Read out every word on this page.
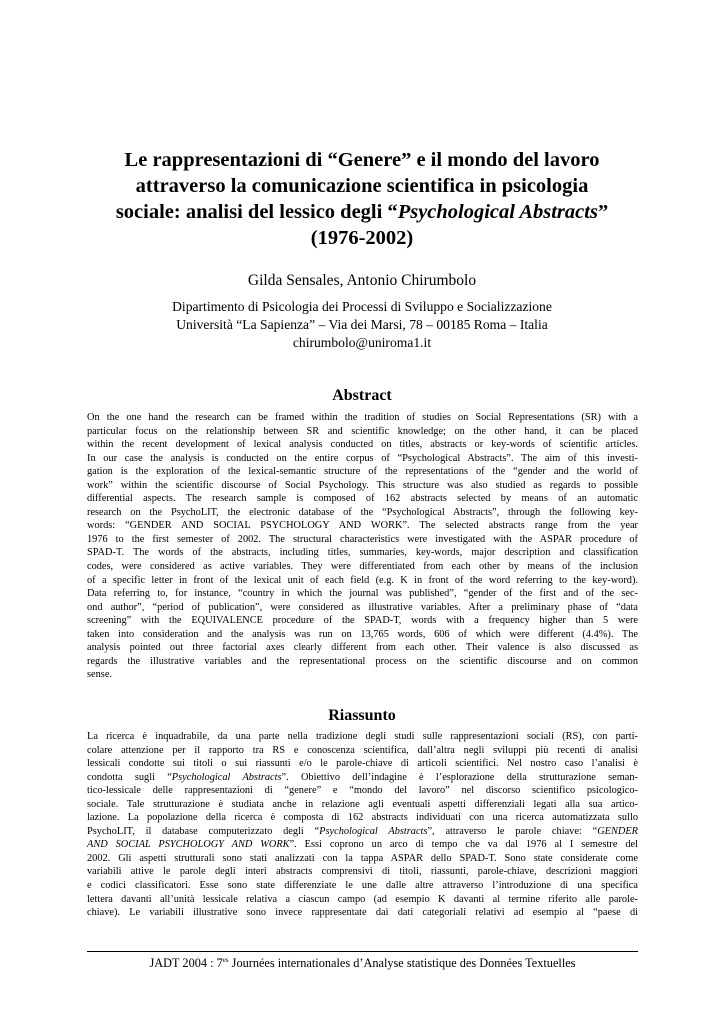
Le rappresentazioni di “Genere” e il mondo del lavoro
attraverso la comunicazione scientifica in psicologia
sociale: analisi del lessico degli “Psychological Abstracts”
(1976-2002)

Gilda Sensales, Antonio Chirumbolo

Dipartimento di Psicologia dei Processi di Sviluppo e Socializzazione
Università “La Sapienza” – Via dei Marsi, 78 – 00185 Roma – Italia
chirumbolo@uniroma1.it
Abstract
On the one hand the research can be framed within the tradition of studies on Social Representations (SR) with a
particular focus on the relationship between SR and scientific knowledge; on the other hand, it can be placed
within the recent development of lexical analysis conducted on titles, abstracts or key-words of scientific articles.
In our case the analysis is conducted on the entire corpus of “Psychological Abstracts”. The aim of this investi-
gation is the exploration of the lexical-semantic structure of the representations of the “gender and the world of
work” within the scientific discourse of Social Psychology. This structure was also studied as regards to possible
differential aspects. The research sample is composed of 162 abstracts selected by means of an automatic
research on the PsychoLIT, the electronic database of the “Psychological Abstracts”, through the following key-
words: “GENDER AND SOCIAL PSYCHOLOGY AND WORK”. The selected abstracts range from the year
1976 to the first semester of 2002. The structural characteristics were investigated with the ASPAR procedure of
SPAD-T. The words of the abstracts, including titles, summaries, key-words, major description and classification
codes, were considered as active variables. They were differentiated from each other by means of the inclusion
of a specific letter in front of the lexical unit of each field (e.g. K in front of the word referring to the key-word).
Data referring to, for instance, “country in which the journal was published”, “gender of the first and of the sec-
ond author”, “period of publication”, were considered as illustrative variables. After a preliminary phase of “data
screening” with the EQUIVALENCE procedure of the SPAD-T, words with a frequency higher than 5 were
taken into consideration and the analysis was run on 13,765 words, 606 of which were different (4.4%). The
analysis pointed out three factorial axes clearly different from each other. Their valence is also discussed as
regards the illustrative variables and the representational process on the scientific discourse and on common
sense.
Riassunto
La ricerca è inquadrabile, da una parte nella tradizione degli studi sulle rappresentazioni sociali (RS), con parti-
colare attenzione per il rapporto tra RS e conoscenza scientifica, dall’altra negli sviluppi più recenti di analisi
lessicali condotte sui titoli o sui riassunti e/o le parole-chiave di articoli scientifici. Nel nostro caso l’analisi è
condotta sugli “Psychological Abstracts”. Obiettivo dell’indagine è l’esplorazione della strutturazione seman-
tico-lessicale delle rappresentazioni di “genere” e “mondo del lavoro” nel discorso scientifico psicologico-
sociale. Tale strutturazione è studiata anche in relazione agli eventuali aspetti differenziali legati alla sua artico-
lazione. La popolazione della ricerca è composta di 162 abstracts individuati con una ricerca automatizzata sullo
PsychoLIT, il database computerizzato degli “Psychological Abstracts”, attraverso le parole chiave: “GENDER
AND SOCIAL PSYCHOLOGY AND WORK”. Essi coprono un arco di tempo che va dal 1976 al I semestre del
2002. Gli aspetti strutturali sono stati analizzati con la tappa ASPAR dello SPAD-T. Sono state considerate come
variabili attive le parole degli interi abstracts comprensivi di titoli, riassunti, parole-chiave, descrizioni maggiori
e codici classificatori. Esse sono state differenziate le une dalle altre attraverso l’introduzione di una specifica
lettera davanti all’unità lessicale relativa a ciascun campo (ad esempio K davanti al termine riferito alle parole-
chiave). Le variabili illustrative sono invece rappresentate dai dati categoriali relativi ad esempio al “paese di
JADT 2004 : $7^{es}$ Journées internationales d’Analyse statistique des Données Textuelles
